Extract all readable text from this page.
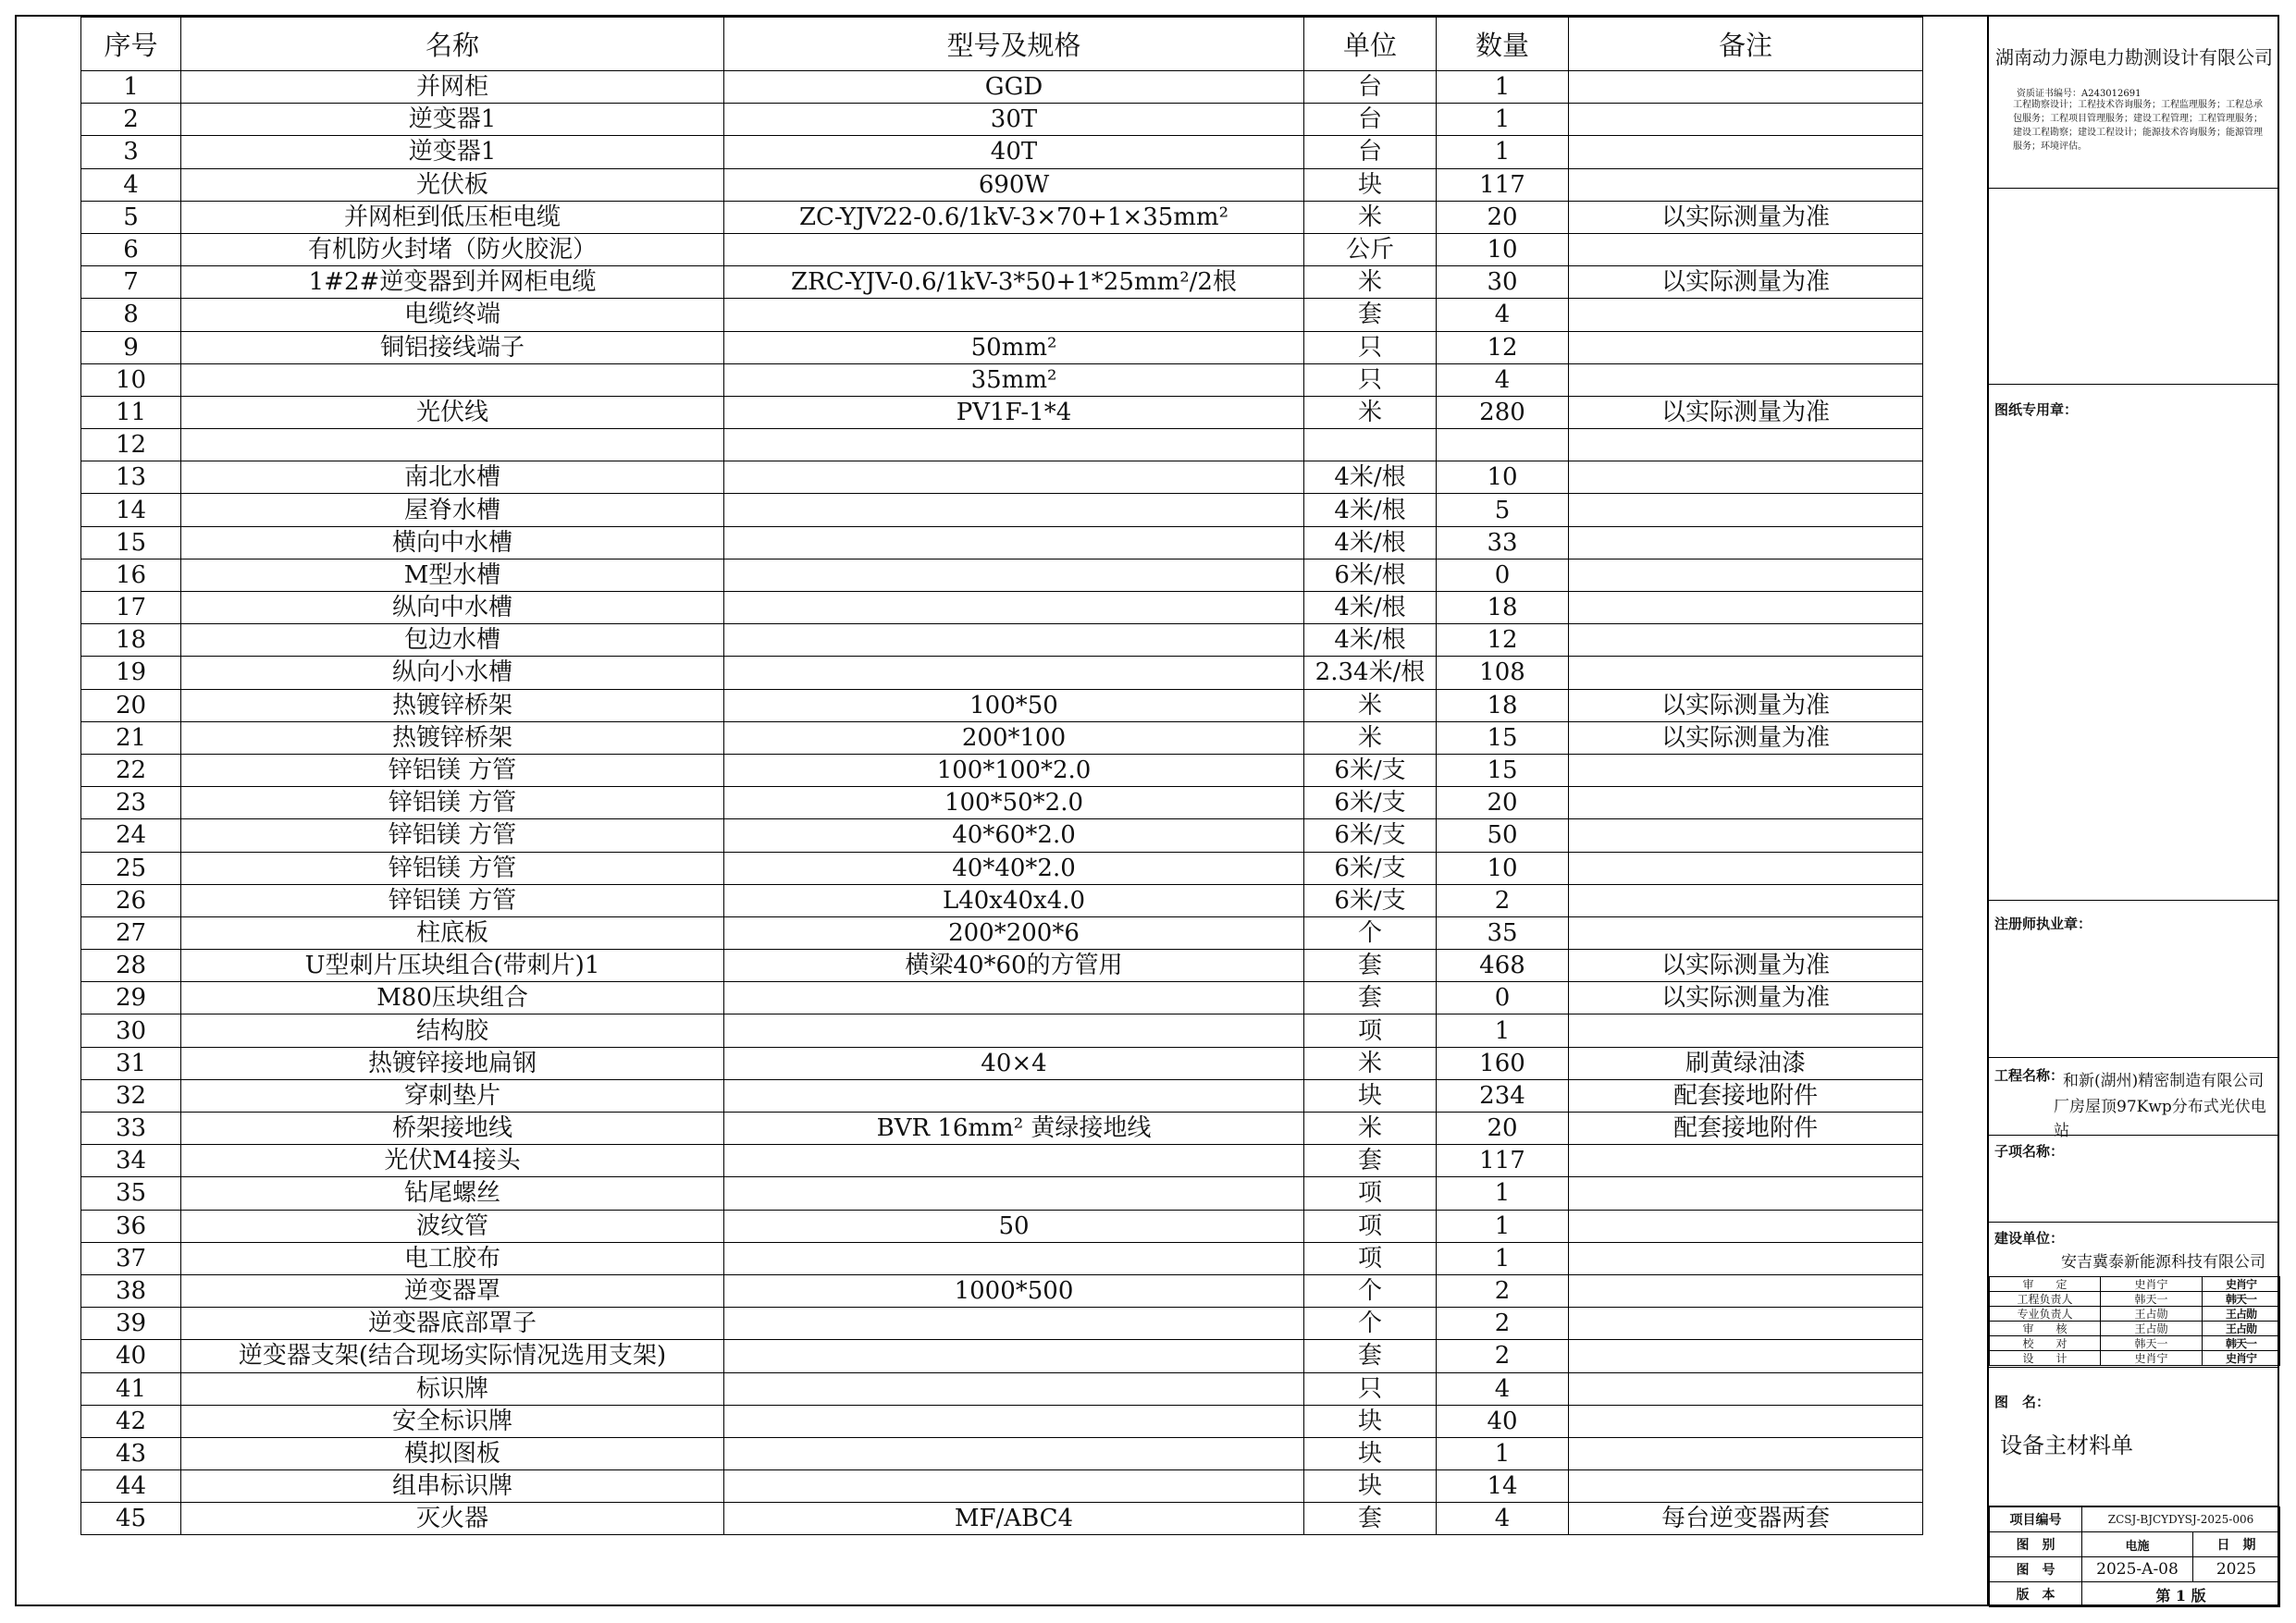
序号	名称	型号及规格	单位	数量	备注
1	并网柜	GGD	台	1	
2	逆变器1	30T	台	1	
3	逆变器1	40T	台	1	
4	光伏板	690W	块	117	
5	并网柜到低压柜电缆	ZC-YJV22-0.6/1kV-3×70+1×35mm²	米	20	以实际测量为准
6	有机防火封堵（防火胶泥）		公斤	10	
7	1#2#逆变器到并网柜电缆	ZRC-YJV-0.6/1kV-3*50+1*25mm²/2根	米	30	以实际测量为准
8	电缆终端		套	4	
9	铜铝接线端子	50mm²	只	12	
10		35mm²	只	4	
11	光伏线	PV1F-1*4	米	280	以实际测量为准
12					
13	南北水槽		4米/根	10	
14	屋脊水槽		4米/根	5	
15	横向中水槽		4米/根	33	
16	M型水槽		6米/根	0	
17	纵向中水槽		4米/根	18	
18	包边水槽		4米/根	12	
19	纵向小水槽		2.34米/根	108	
20	热镀锌桥架	100*50	米	18	以实际测量为准
21	热镀锌桥架	200*100	米	15	以实际测量为准
22	锌铝镁 方管	100*100*2.0	6米/支	15	
23	锌铝镁 方管	100*50*2.0	6米/支	20	
24	锌铝镁 方管	40*60*2.0	6米/支	50	
25	锌铝镁 方管	40*40*2.0	6米/支	10	
26	锌铝镁 方管	L40x40x4.0	6米/支	2	
27	柱底板	200*200*6	个	35	
28	U型刺片压块组合(带刺片)1	横梁40*60的方管用	套	468	以实际测量为准
29	M80压块组合		套	0	以实际测量为准
30	结构胶		项	1	
31	热镀锌接地扁钢	40×4	米	160	刷黄绿油漆
32	穿刺垫片		块	234	配套接地附件
33	桥架接地线	BVR 16mm² 黄绿接地线	米	20	配套接地附件
34	光伏M4接头		套	117	
35	钻尾螺丝		项	1	
36	波纹管	50	项	1	
37	电工胶布		项	1	
38	逆变器罩	1000*500	个	2	
39	逆变器底部罩子		个	2	
40	逆变器支架(结合现场实际情况选用支架)		套	2	
41	标识牌		只	4	
42	安全标识牌		块	40	
43	模拟图板		块	1	
44	组串标识牌		块	14	
45	灭火器	MF/ABC4	套	4	每台逆变器两套
湖南动力源电力勘测设计有限公司
资质证书编号：A243012691
工程勘察设计；工程技术咨询服务；工程监理服务；工程总承包服务；工程项目管理服务；建设工程管理；工程管理服务；建设工程勘察；建设工程设计；能源技术咨询服务；能源管理服务；环境评估。
图纸专用章：
注册师执业章：
工程名称：
和新(湖州)精密制造有限公司
厂房屋顶97Kwp分布式光伏电站
子项名称：
建设单位：
安吉冀泰新能源科技有限公司
审　　定	史肖宁	史肖宁
工程负责人	韩天一	韩天一
专业负责人	王占勋	王占勋
审　　核	王占勋	王占勋
校　　对	韩天一	韩天一
设　　计	史肖宁	史肖宁
图　名：
设备主材料单
项目编号	ZCSJ-BJCYDYSJ-2025-006	
图　别	电施	日　期
图　号	2025-A-08	2025
版　本	第 1 版	
